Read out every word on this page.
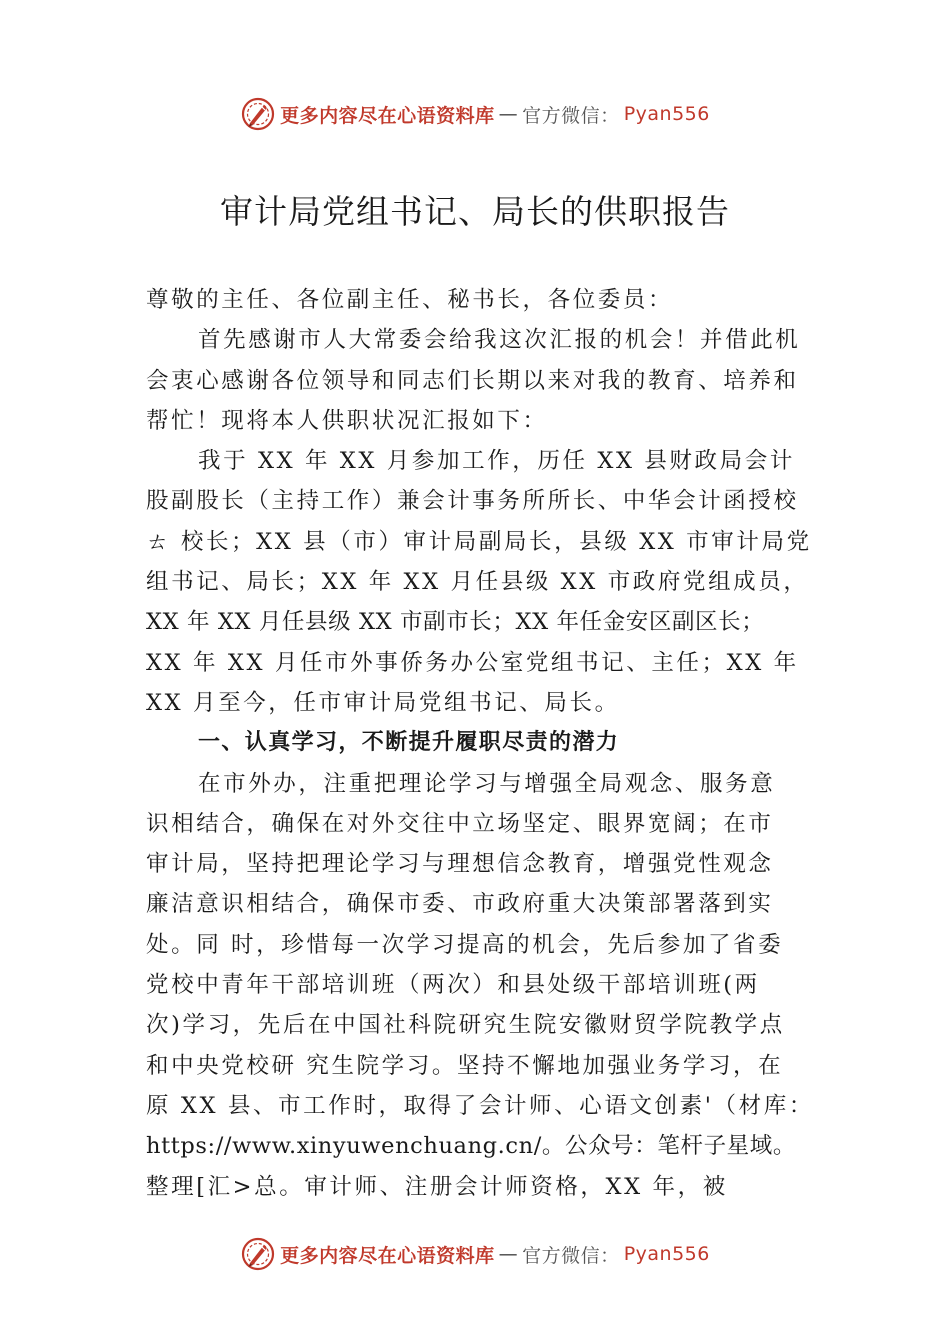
更多内容尽在心语资料库 — 官方微信： Pyan556
审计局党组书记、局长的供职报告
尊敬的主任、各位副主任、秘书长，各位委员：
首先感谢市人大常委会给我这次汇报的机会！并借此机
会衷心感谢各位领导和同志们长期以来对我的教育、培养和
帮忙！现将本人供职状况汇报如下：
我于 XX 年 XX 月参加工作，历任 XX 县财政局会计
股副股长（主持工作）兼会计事务所所长、中华会计函授校
ㄊ 校长；XX 县（市）审计局副局长，县级 XX 市审计局党
组书记、局长；XX 年 XX 月任县级 XX 市政府党组成员，
XX 年 XX 月任县级 XX 市副市长；XX 年任金安区副区长；
XX 年 XX 月任市外事侨务办公室党组书记、主任；XX 年
XX 月至今，任市审计局党组书记、局长。
一、认真学习，不断提升履职尽责的潜力
在市外办，注重把理论学习与增强全局观念、服务意
识相结合，确保在对外交往中立场坚定、眼界宽阔；在市
审计局，坚持把理论学习与理想信念教育，增强党性观念
廉洁意识相结合，确保市委、市政府重大决策部署落到实
处。同 时，珍惜每一次学习提高的机会，先后参加了省委
党校中青年干部培训班（两次）和县处级干部培训班(两
次)学习，先后在中国社科院研究生院安徽财贸学院教学点
和中央党校研 究生院学习。坚持不懈地加强业务学习，在
原 XX 县、市工作时，取得了会计师、心语文创素'（材库：
https://www.xinyuwenchuang.cn/。公众号：笔杆子星域。
整理[汇>总。审计师、注册会计师资格，XX 年，被
更多内容尽在心语资料库 — 官方微信： Pyan556
